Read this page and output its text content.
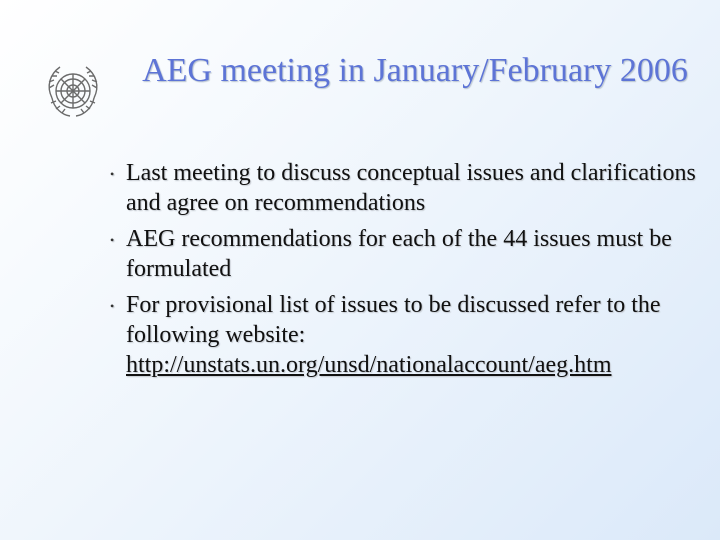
AEG meeting in January/February 2006
• Last meeting to discuss conceptual issues and clarifications and agree on recommendations
• AEG recommendations for each of the 44 issues must be formulated
• For provisional list of issues to be discussed refer to the following website:
http://unstats.un.org/unsd/nationalaccount/aeg.htm
